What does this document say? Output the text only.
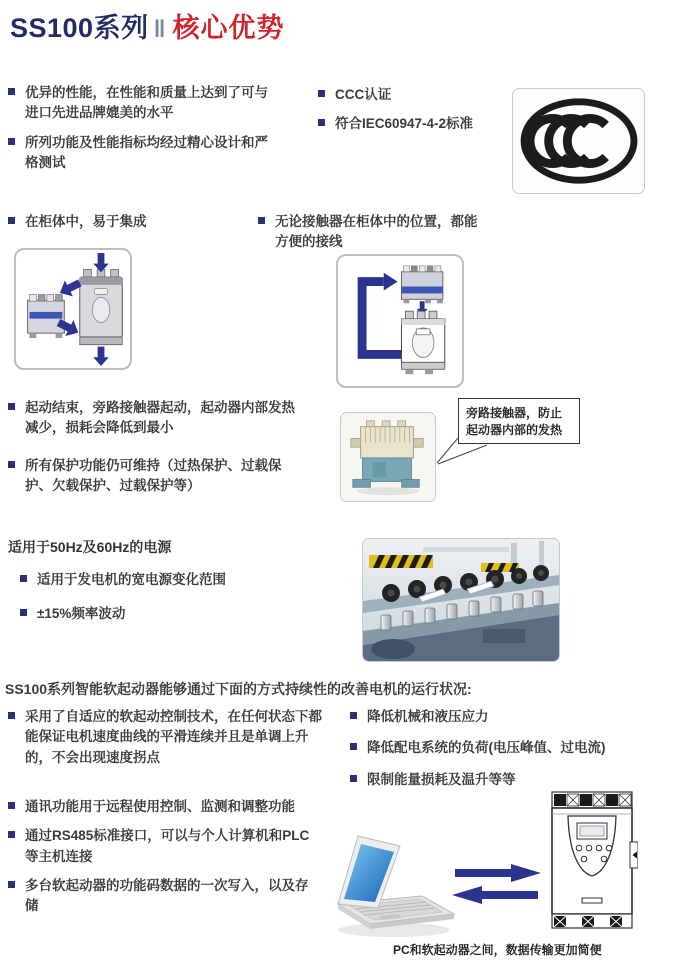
SS100系列 ‖ 核心优势
优异的性能，在性能和质量上达到了可与进口先进品牌媲美的水平
所列功能及性能指标均经过精心设计和严格测试
CCC认证
符合IEC60947-4-2标准
在柜体中，易于集成	无论接触器在柜体中的位置，都能方便的接线
起动结束，旁路接触器起动，起动器内部发热减少，损耗会降低到最小
所有保护功能仍可维持（过热保护、过载保护、欠载保护、过载保护等）
旁路接触器，防止起动器内部的发热
适用于50Hz及60Hz的电源
适用于发电机的宽电源变化范围
±15%频率波动
SS100系列智能软起动器能够通过下面的方式持续性的改善电机的运行状况:
采用了自适应的软起动控制技术，在任何状态下都能保证电机速度曲线的平滑连续并且是单调上升的，不会出现速度拐点
降低机械和液压应力
降低配电系统的负荷(电压峰值、过电流)
限制能量损耗及温升等等
通讯功能用于远程使用控制、监测和调整功能
通过RS485标准接口，可以与个人计算机和PLC等主机连接
多台软起动器的功能码数据的一次写入，以及存储
PC和软起动器之间，数据传输更加简便
